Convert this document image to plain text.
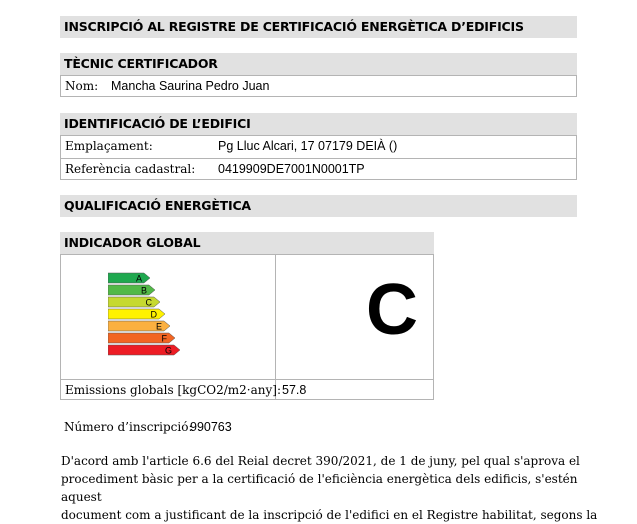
INSCRIPCIÓ AL REGISTRE DE CERTIFICACIÓ ENERGÈTICA D’EDIFICIS
TÈCNIC CERTIFICADOR
Nom: Mancha Saurina Pedro Juan
IDENTIFICACIÓ DE L’EDIFICI
Emplaçament:	Pg Lluc Alcari, 17 07179 DEIÀ ()
Referència cadastral: 0419909DE7001N0001TP
QUALIFICACIÓ ENERGÈTICA
INDICADOR GLOBAL
Emissions globals [kgCO2/m2·any]: 57.8
A
B
C
D
E
F
G
C
Número d’inscripció:
990763
D'acord amb l'article 6.6 del Reial decret 390/2021, de 1 de juny, pel qual s'aprova el
procediment bàsic per a la certificació de l'eficiència energètica dels edificis, s'estén aquest
document com a justificant de la inscripció de l'edifici en el Registre habilitat, segons la
